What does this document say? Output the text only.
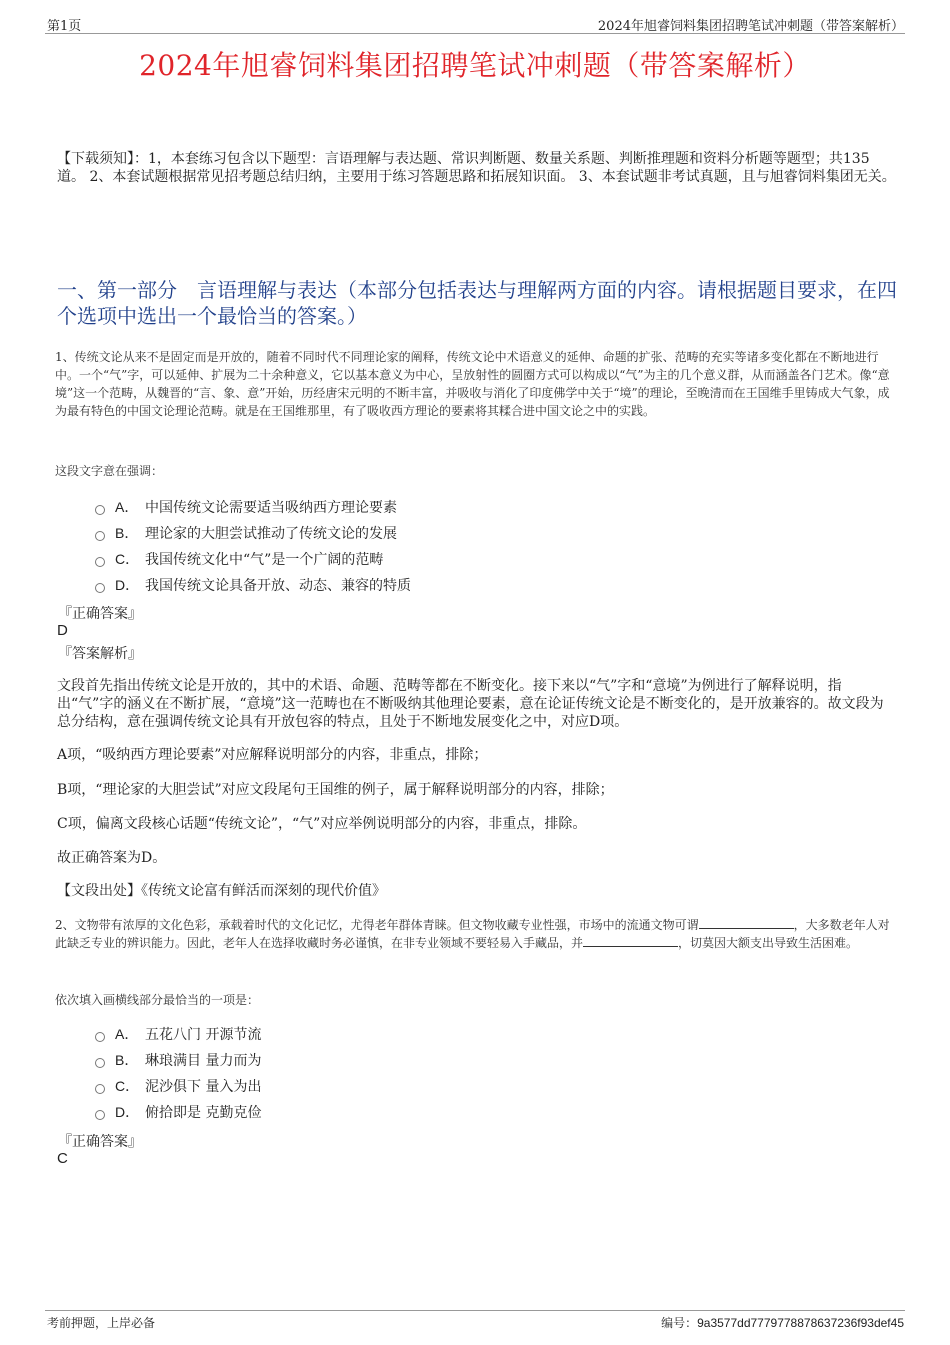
第1页	2024年旭睿饲料集团招聘笔试冲刺题（带答案解析）
2024年旭睿饲料集团招聘笔试冲刺题（带答案解析）
【下载须知】：1，本套练习包含以下题型：言语理解与表达题、常识判断题、数量关系题、判断推理题和资料分析题等题型；共135道。 2、本套试题根据常见招考题总结归纳，主要用于练习答题思路和拓展知识面。 3、本套试题非考试真题，且与旭睿饲料集团无关。
一、第一部分　言语理解与表达（本部分包括表达与理解两方面的内容。请根据题目要求，在四个选项中选出一个最恰当的答案。）
1、传统文论从来不是固定而是开放的，随着不同时代不同理论家的阐释，传统文论中术语意义的延伸、命题的扩张、范畴的充实等诸多变化都在不断地进行中。一个“气”字，可以延伸、扩展为二十余种意义，它以基本意义为中心，呈放射性的圆圈方式可以构成以“气”为主的几个意义群，从而涵盖各门艺术。像“意境”这一个范畴，从魏晋的“言、象、意”开始，历经唐宋元明的不断丰富，并吸收与消化了印度佛学中关于“境”的理论，至晚清而在王国维手里铸成大气象，成为最有特色的中国文论理论范畴。就是在王国维那里，有了吸收西方理论的要素将其糅合进中国文论之中的实践。
这段文字意在强调：
A． 中国传统文论需要适当吸纳西方理论要素
B． 理论家的大胆尝试推动了传统文论的发展
C． 我国传统文化中“气”是一个广阔的范畴
D． 我国传统文论具备开放、动态、兼容的特质
『正确答案』
D
『答案解析』
文段首先指出传统文论是开放的，其中的术语、命题、范畴等都在不断变化。接下来以“气”字和“意境”为例进行了解释说明，指出“气”字的涵义在不断扩展，“意境”这一范畴也在不断吸纳其他理论要素，意在论证传统文论是不断变化的，是开放兼容的。故文段为总分结构，意在强调传统文论具有开放包容的特点，且处于不断地发展变化之中，对应D项。
A项，“吸纳西方理论要素”对应解释说明部分的内容，非重点，排除；
B项，“理论家的大胆尝试”对应文段尾句王国维的例子，属于解释说明部分的内容，排除；
C项，偏离文段核心话题“传统文论”，“气”对应举例说明部分的内容，非重点，排除。
故正确答案为D。
【文段出处】《传统文论富有鲜活而深刻的现代价值》
2、文物带有浓厚的文化色彩，承载着时代的文化记忆，尤得老年群体青睐。但文物收藏专业性强，市场中的流通文物可谓	，大多数老年人对此缺乏专业的辨识能力。因此，老年人在选择收藏时务必谨慎，在非专业领域不要轻易入手藏品，并	，切莫因大额支出导致生活困难。
依次填入画横线部分最恰当的一项是：
A． 五花八门 开源节流
B． 琳琅满目 量力而为
C． 泥沙俱下 量入为出
D． 俯拾即是 克勤克俭
『正确答案』
C
考前押题，上岸必备	编号：9a3577dd7779778878637236f93def45
